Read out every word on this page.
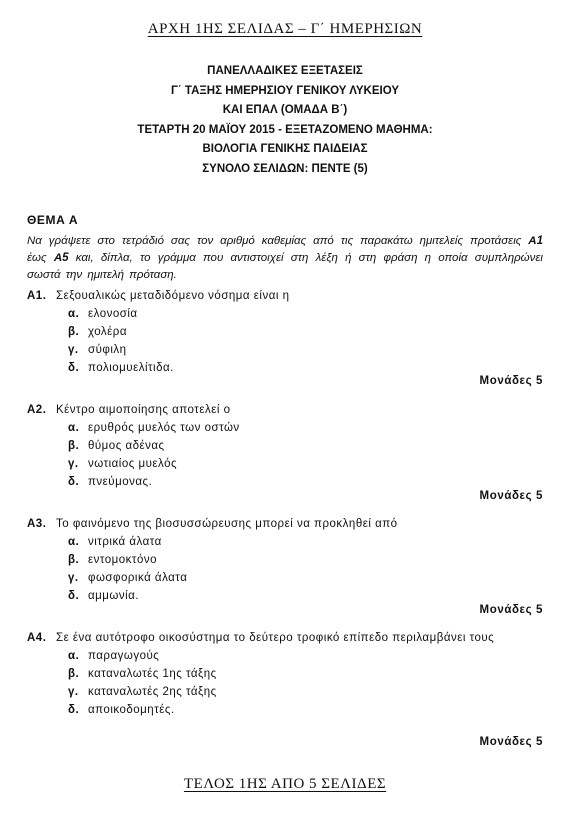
ΑΡΧΗ 1ΗΣ ΣΕΛΙΔΑΣ – Γ΄ ΗΜΕΡΗΣΙΩΝ
ΠΑΝΕΛΛΑΔΙΚΕΣ ΕΞΕΤΑΣΕΙΣ
Γ΄ ΤΑΞΗΣ ΗΜΕΡΗΣΙΟΥ ΓΕΝΙΚΟΥ ΛΥΚΕΙΟΥ
ΚΑΙ ΕΠΑΛ (ΟΜΑΔΑ Β΄)
ΤΕΤΑΡΤΗ 20 ΜΑΪΟΥ 2015 - ΕΞΕΤΑΖΟΜΕΝΟ ΜΑΘΗΜΑ:
ΒΙΟΛΟΓΙΑ ΓΕΝΙΚΗΣ ΠΑΙΔΕΙΑΣ
ΣΥΝΟΛΟ ΣΕΛΙΔΩΝ: ΠΕΝΤΕ (5)
ΘΕΜΑ Α
Να γράψετε στο τετράδιό σας τον αριθμό καθεμίας από τις παρακάτω ημιτελείς προτάσεις Α1 έως Α5 και, δίπλα, το γράμμα που αντιστοιχεί στη λέξη ή στη φράση η οποία συμπληρώνει σωστά την ημιτελή πρόταση.
Α1. Σεξουαλικώς μεταδιδόμενο νόσημα είναι η
α. ελονοσία
β. χολέρα
γ. σύφιλη
δ. πολιομυελίτιδα.
Μονάδες 5
Α2. Κέντρο αιμοποίησης αποτελεί ο
α. ερυθρός μυελός των οστών
β. θύμος αδένας
γ. νωτιαίος μυελός
δ. πνεύμονας.
Μονάδες 5
Α3. Το φαινόμενο της βιοσυσσώρευσης μπορεί να προκληθεί από
α. νιτρικά άλατα
β. εντομοκτόνο
γ. φωσφορικά άλατα
δ. αμμωνία.
Μονάδες 5
Α4. Σε ένα αυτότροφο οικοσύστημα το δεύτερο τροφικό επίπεδο περιλαμβάνει τους
α. παραγωγούς
β. καταναλωτές 1ης τάξης
γ. καταναλωτές 2ης τάξης
δ. αποικοδομητές.
Μονάδες 5
ΤΕΛΟΣ 1ΗΣ ΑΠΟ 5 ΣΕΛΙΔΕΣ
